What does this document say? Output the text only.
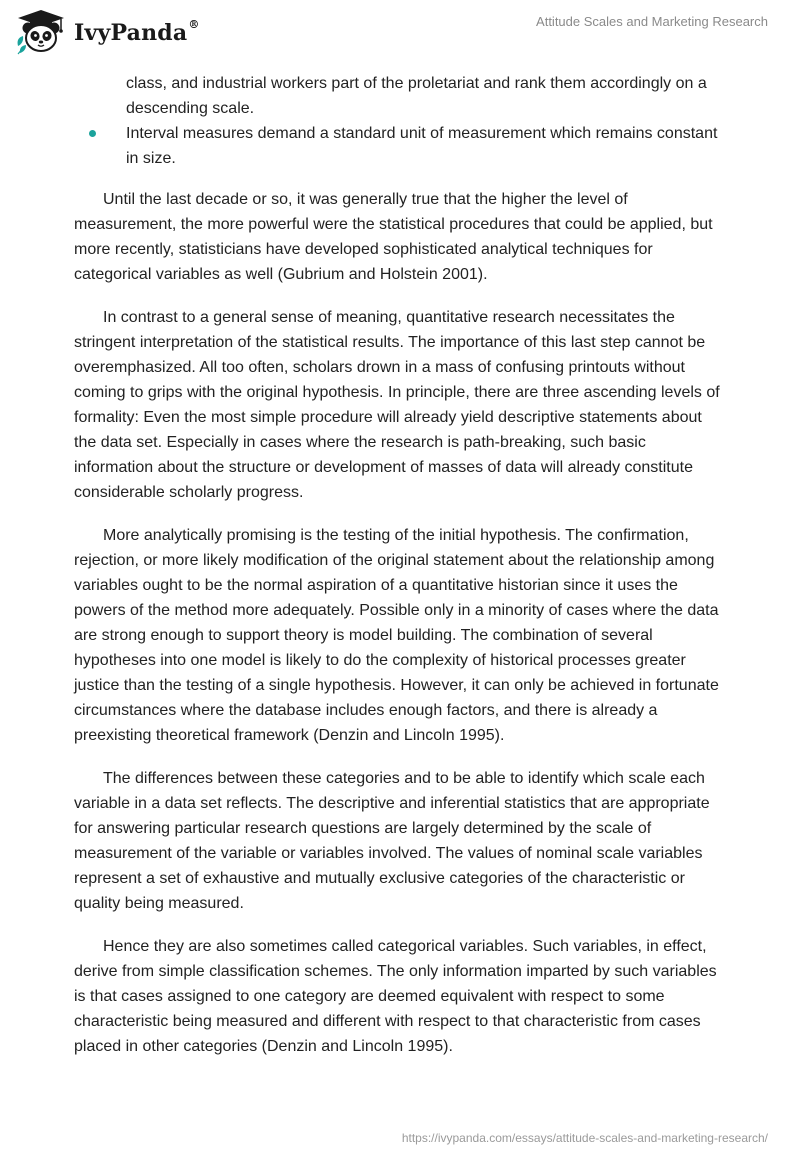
IvyPanda®	Attitude Scales and Marketing Research
class, and industrial workers part of the proletariat and rank them accordingly on a descending scale.
Interval measures demand a standard unit of measurement which remains constant in size.

Until the last decade or so, it was generally true that the higher the level of measurement, the more powerful were the statistical procedures that could be applied, but more recently, statisticians have developed sophisticated analytical techniques for categorical variables as well (Gubrium and Holstein 2001).

In contrast to a general sense of meaning, quantitative research necessitates the stringent interpretation of the statistical results. The importance of this last step cannot be overemphasized. All too often, scholars drown in a mass of confusing printouts without coming to grips with the original hypothesis. In principle, there are three ascending levels of formality: Even the most simple procedure will already yield descriptive statements about the data set. Especially in cases where the research is path-breaking, such basic information about the structure or development of masses of data will already constitute considerable scholarly progress.

More analytically promising is the testing of the initial hypothesis. The confirmation, rejection, or more likely modification of the original statement about the relationship among variables ought to be the normal aspiration of a quantitative historian since it uses the powers of the method more adequately. Possible only in a minority of cases where the data are strong enough to support theory is model building. The combination of several hypotheses into one model is likely to do the complexity of historical processes greater justice than the testing of a single hypothesis. However, it can only be achieved in fortunate circumstances where the database includes enough factors, and there is already a preexisting theoretical framework (Denzin and Lincoln 1995).

The differences between these categories and to be able to identify which scale each variable in a data set reflects. The descriptive and inferential statistics that are appropriate for answering particular research questions are largely determined by the scale of measurement of the variable or variables involved. The values of nominal scale variables represent a set of exhaustive and mutually exclusive categories of the characteristic or quality being measured.

Hence they are also sometimes called categorical variables. Such variables, in effect, derive from simple classification schemes. The only information imparted by such variables is that cases assigned to one category are deemed equivalent with respect to some characteristic being measured and different with respect to that characteristic from cases placed in other categories (Denzin and Lincoln 1995).

https://ivypanda.com/essays/attitude-scales-and-marketing-research/
